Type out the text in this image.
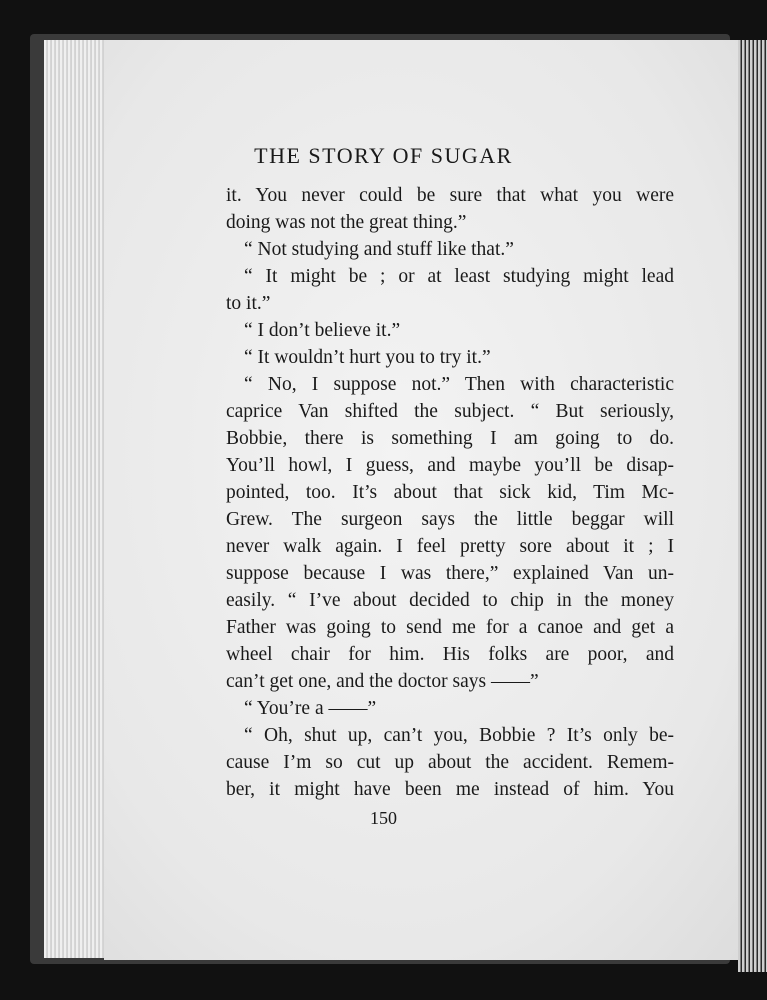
THE STORY OF SUGAR
it. You never could be sure that what you were
doing was not the great thing.”
“ Not studying and stuff like that.”
“ It might be ; or at least studying might lead
to it.”
“ I don’t believe it.”
“ It wouldn’t hurt you to try it.”
“ No, I suppose not.” Then with characteristic
caprice Van shifted the subject. “ But seriously,
Bobbie, there is something I am going to do.
You’ll howl, I guess, and maybe you’ll be disap-
pointed, too. It’s about that sick kid, Tim Mc-
Grew. The surgeon says the little beggar will
never walk again. I feel pretty sore about it ; I
suppose because I was there,” explained Van un-
easily. “ I’ve about decided to chip in the money
Father was going to send me for a canoe and get a
wheel chair for him. His folks are poor, and
can’t get one, and the doctor says ——”
“ You’re a ——”
“ Oh, shut up, can’t you, Bobbie ? It’s only be-
cause I’m so cut up about the accident. Remem-
ber, it might have been me instead of him. You
150
